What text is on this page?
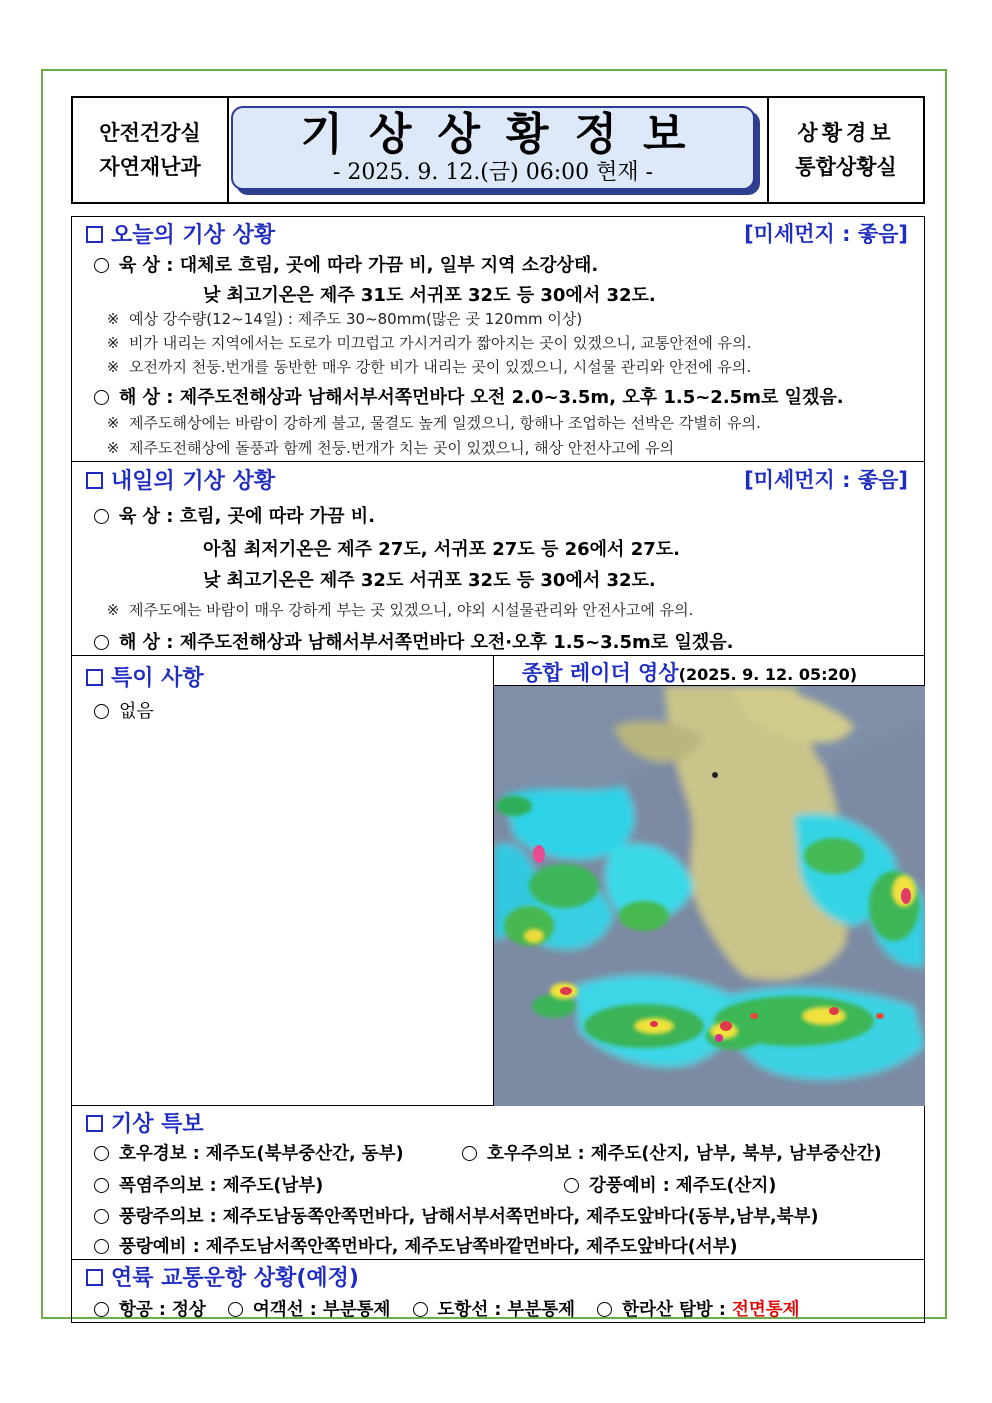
안전건강실
자연재난과
기상상황정보
- 2025. 9. 12.(금) 06:00 현재 -
상황경보
통합상황실
오늘의 기상 상황	[미세먼지 : 좋음]
육 상 : 대체로 흐림, 곳에 따라 가끔 비, 일부 지역 소강상태.
낮 최고기온은 제주 31도 서귀포 32도 등 30에서 32도.
※ 예상 강수량(12~14일) : 제주도 30~80mm(많은 곳 120mm 이상)
※ 비가 내리는 지역에서는 도로가 미끄럽고 가시거리가 짧아지는 곳이 있겠으니, 교통안전에 유의.
※ 오전까지 천둥.번개를 동반한 매우 강한 비가 내리는 곳이 있겠으니, 시설물 관리와 안전에 유의.
해 상 : 제주도전해상과 남해서부서쪽먼바다 오전 2.0~3.5m, 오후 1.5~2.5m로 일겠음.
※ 제주도해상에는 바람이 강하게 불고, 물결도 높게 일겠으니, 항해나 조업하는 선박은 각별히 유의.
※ 제주도전해상에 돌풍과 함께 천둥.번개가 치는 곳이 있겠으니, 해상 안전사고에 유의
내일의 기상 상황	[미세먼지 : 좋음]
육 상 : 흐림, 곳에 따라 가끔 비.
아침 최저기온은 제주 27도, 서귀포 27도 등 26에서 27도.
낮 최고기온은 제주 32도 서귀포 32도 등 30에서 32도.
※ 제주도에는 바람이 매우 강하게 부는 곳 있겠으니, 야외 시설물관리와 안전사고에 유의.
해 상 : 제주도전해상과 남해서부서쪽먼바다 오전·오후 1.5~3.5m로 일겠음.
특이 사항
없음
종합 레이더 영상(2025. 9. 12. 05:20)
기상 특보
호우경보 : 제주도(북부중산간, 동부)	호우주의보 : 제주도(산지, 남부, 북부, 남부중산간)
폭염주의보 : 제주도(남부)	강풍예비 : 제주도(산지)
풍랑주의보 : 제주도남동쪽안쪽먼바다, 남해서부서쪽먼바다, 제주도앞바다(동부,남부,북부)
풍랑예비 : 제주도남서쪽안쪽먼바다, 제주도남쪽바깥먼바다, 제주도앞바다(서부)
연륙 교통운항 상황(예정)
항공 : 정상	여객선 : 부분통제	도항선 : 부분통제	한라산 탐방 : 전면통제
